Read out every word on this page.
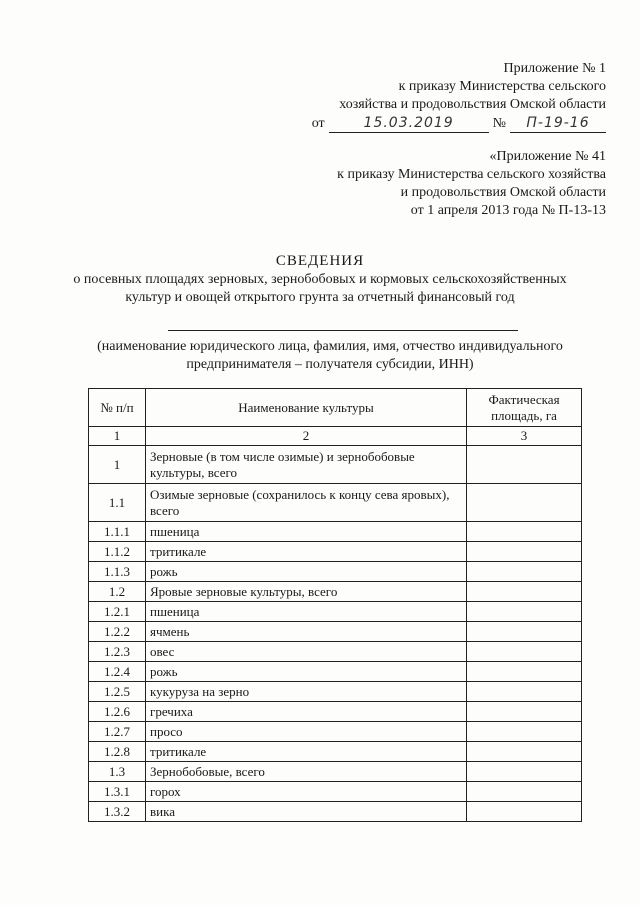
Приложение № 1
к приказу Министерства сельского
хозяйства и продовольствия Омской области
от	15.03.2019	№	П-19-16
«Приложение № 41
к приказу Министерства сельского хозяйства
и продовольствия Омской области
от 1 апреля 2013 года № П-13-13
СВЕДЕНИЯ
о посевных площадях зерновых, зернобобовых и кормовых сельскохозяйственных культур и овощей открытого грунта за отчетный финансовый год
(наименование юридического лица, фамилия, имя, отчество индивидуального предпринимателя – получателя субсидии, ИНН)
№ п/п	Наименование культуры	Фактическая площадь, га
1	2	3
1	Зерновые (в том числе озимые) и зернобобовые культуры, всего	
1.1	Озимые зерновые (сохранилось к концу сева яровых), всего	
1.1.1	пшеница	
1.1.2	тритикале	
1.1.3	рожь	
1.2	Яровые зерновые культуры, всего	
1.2.1	пшеница	
1.2.2	ячмень	
1.2.3	овес	
1.2.4	рожь	
1.2.5	кукуруза на зерно	
1.2.6	гречиха	
1.2.7	просо	
1.2.8	тритикале	
1.3	Зернобобовые, всего	
1.3.1	горох	
1.3.2	вика	
